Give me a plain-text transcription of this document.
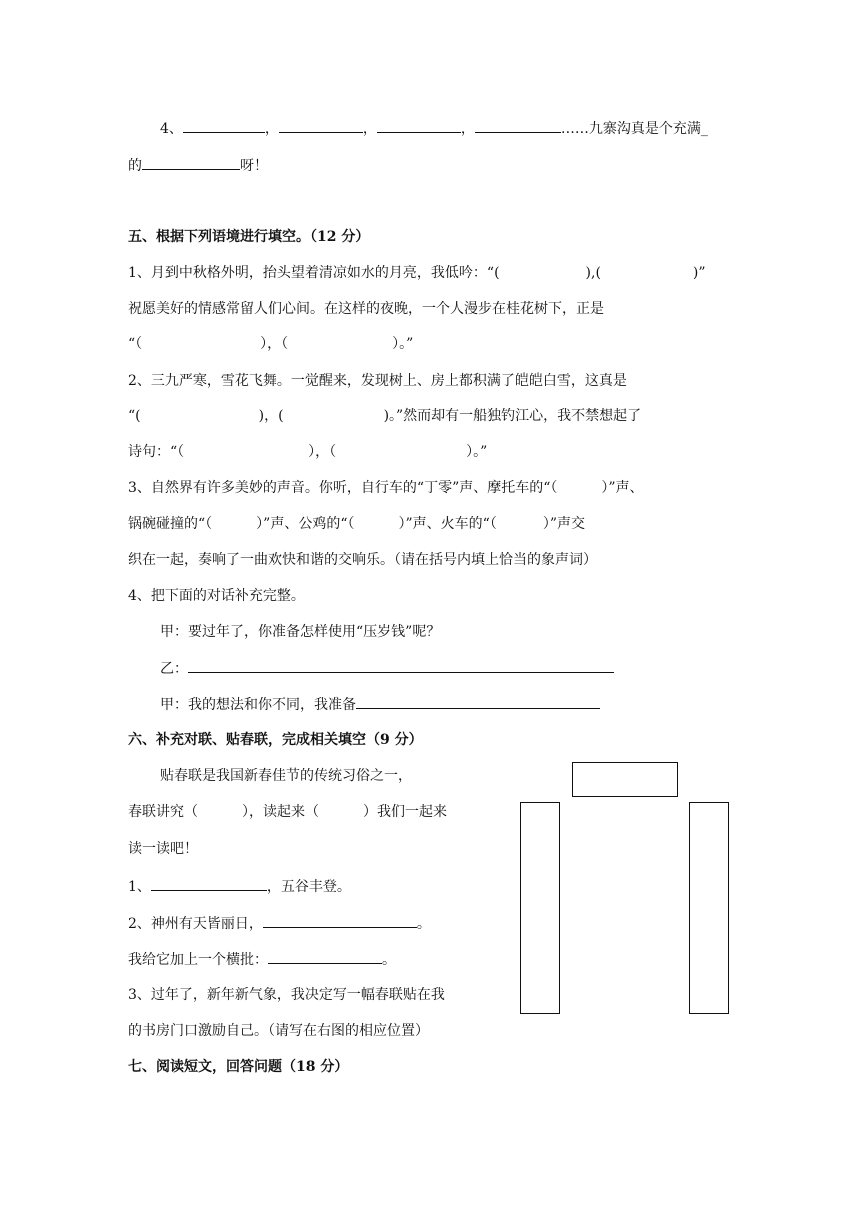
4、	，	，	，	……九寨沟真是个充满_
的	呀！
五、根据下列语境进行填空。（12 分）
1、月到中秋格外明，抬头望着清凉如水的月亮，我低吟：“(	),(	)”
祝愿美好的情感常留人们心间。在这样的夜晚，一个人漫步在桂花树下，正是
“（	），（	）。”
2、三九严寒，雪花飞舞。一觉醒来，发现树上、房上都积满了皑皑白雪，这真是
“(	)，(	)。”然而却有一船独钓江心，我不禁想起了
诗句：“（	），（	）。”
3、自然界有许多美妙的声音。你听，自行车的“丁零”声、摩托车的“（	）”声、
锅碗碰撞的“（	）”声、公鸡的“（	）”声、火车的“（	）”声交
织在一起，奏响了一曲欢快和谐的交响乐。（请在括号内填上恰当的象声词）
4、把下面的对话补充完整。
甲：要过年了，你准备怎样使用“压岁钱”呢？
乙：
甲：我的想法和你不同，我准备
六、补充对联、贴春联，完成相关填空（9 分）
贴春联是我国新春佳节的传统习俗之一，
春联讲究（	），读起来（	）我们一起来
读一读吧！
1、	，五谷丰登。
2、神州有天皆丽日，	。
我给它加上一个横批：	。
3、过年了，新年新气象，我决定写一幅春联贴在我
的书房门口激励自己。（请写在右图的相应位置）
七、阅读短文，回答问题（18 分）
